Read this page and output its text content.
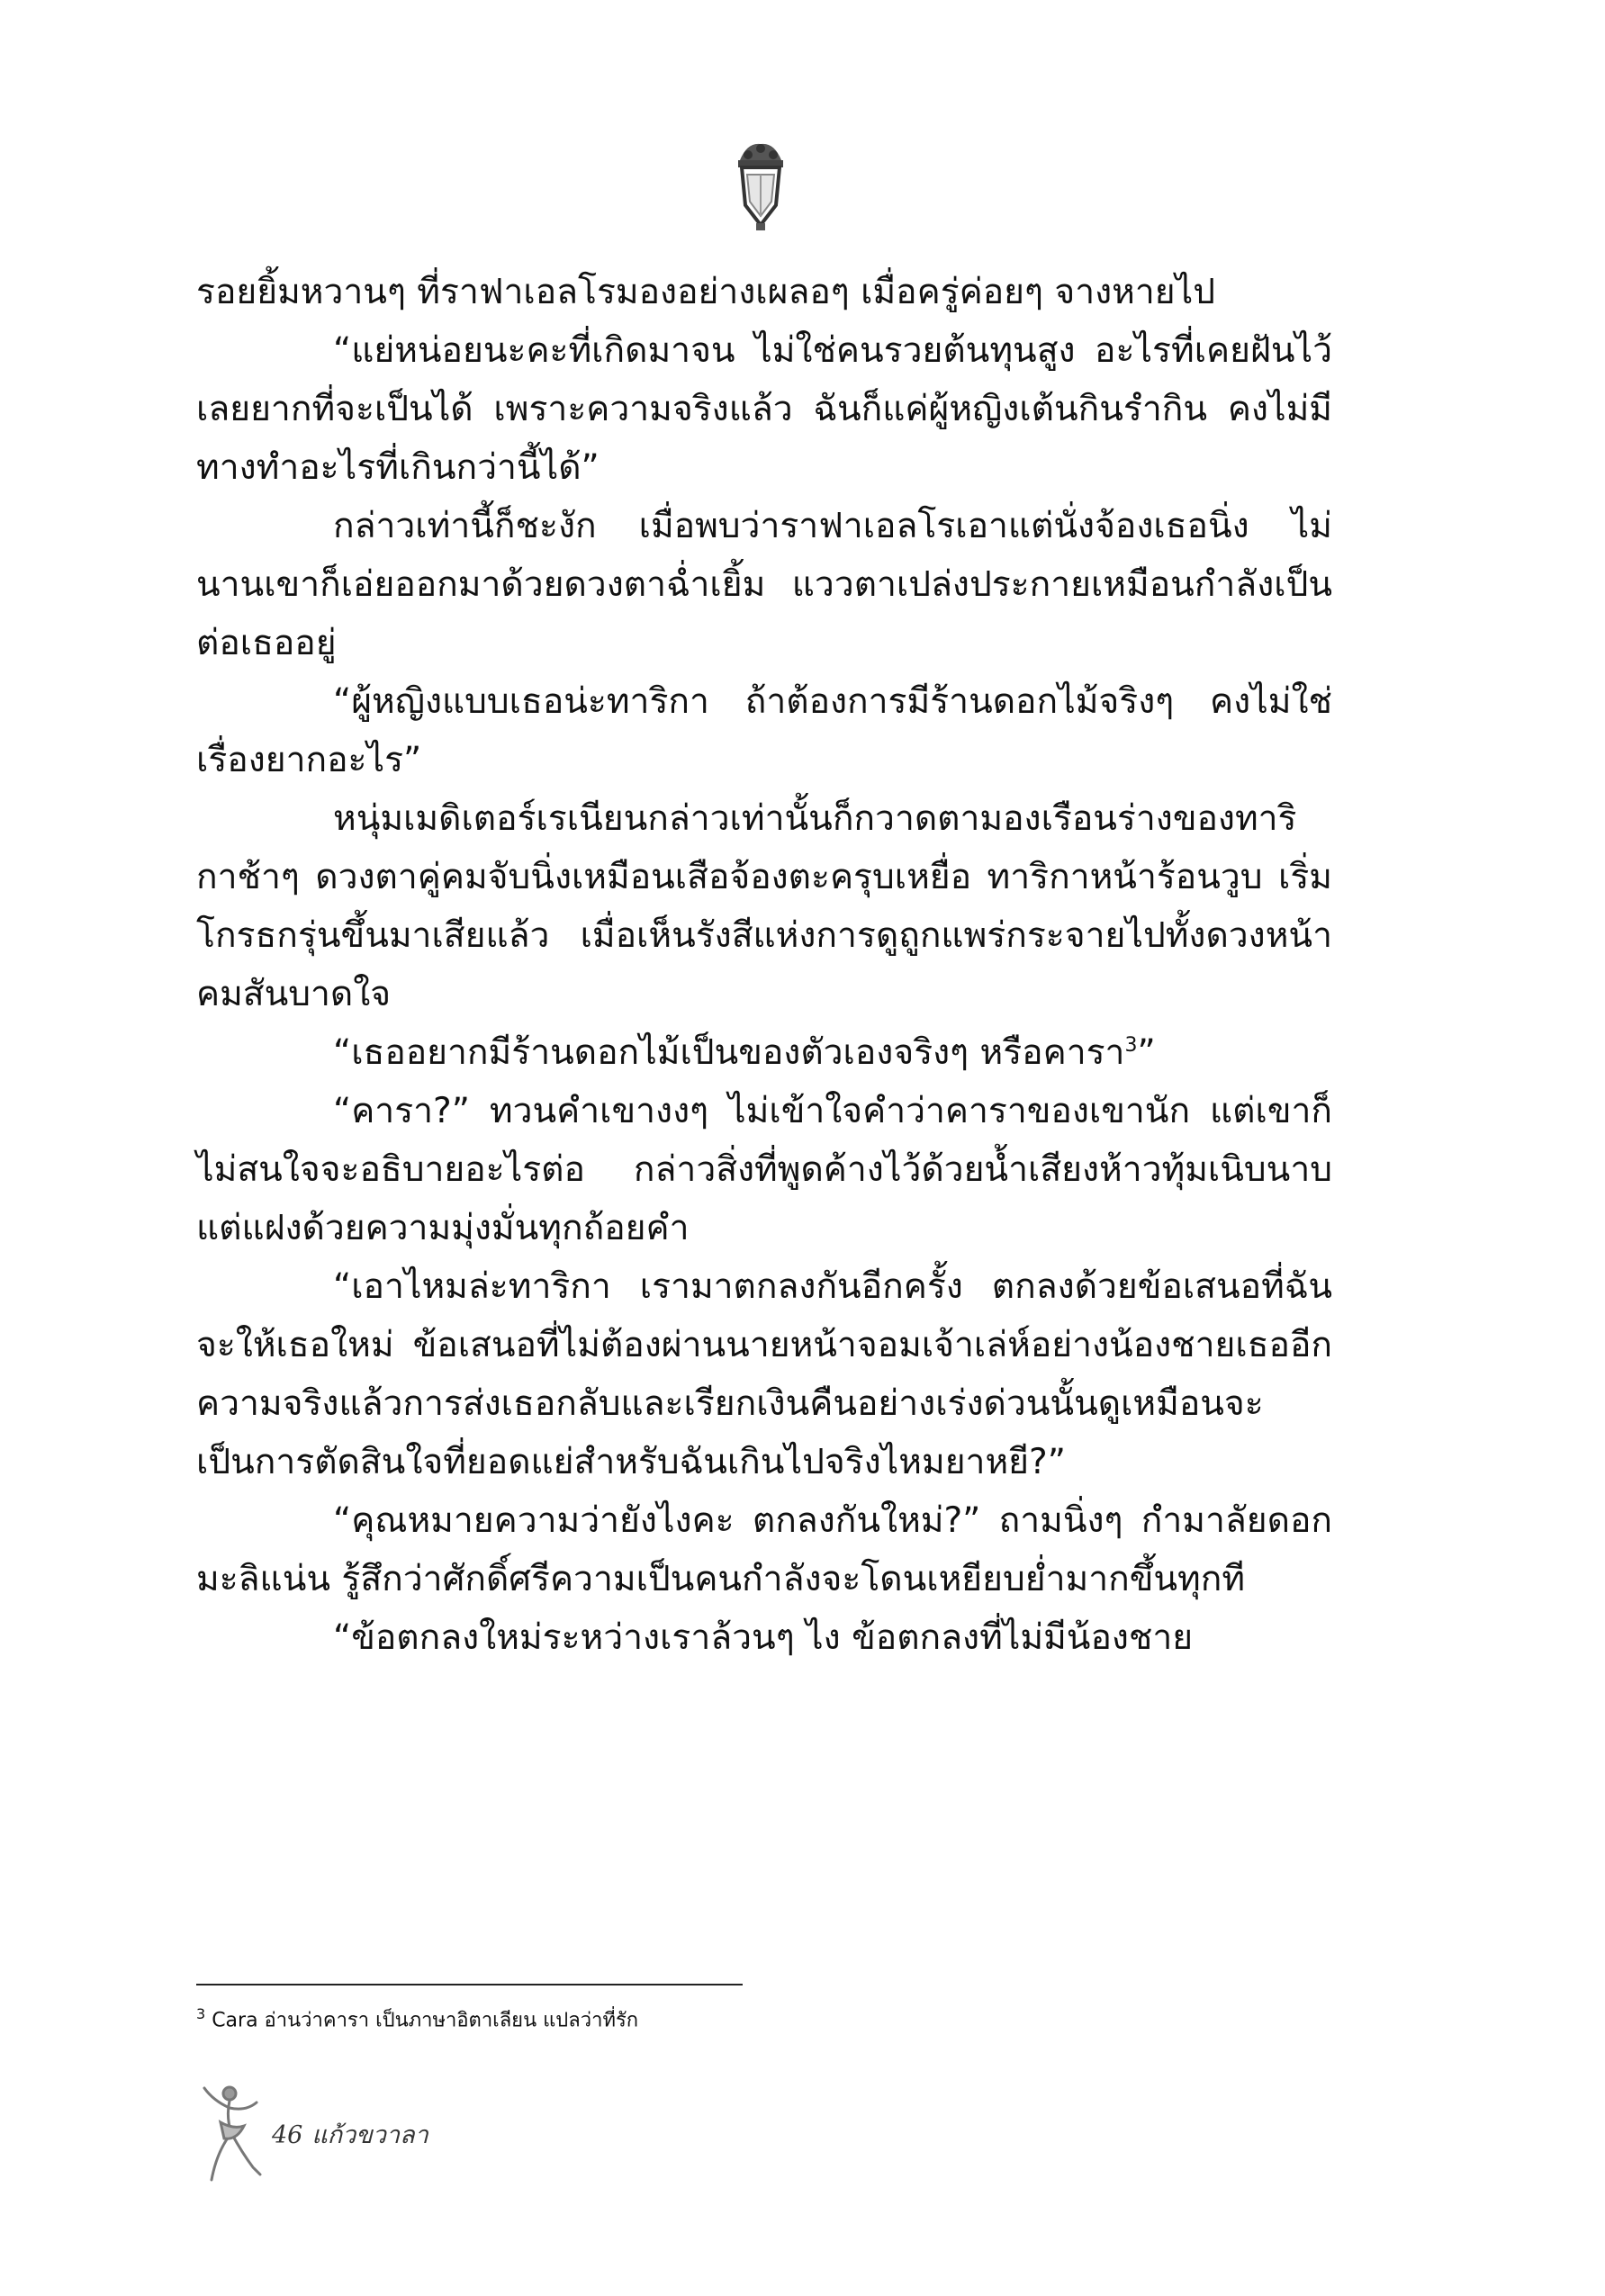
รอยยิ้มหวานๆ ที่ราฟาเอลโรมองอย่างเผลอๆ เมื่อครู่ค่อยๆ จางหายไป

“แย่หน่อยนะคะที่เกิดมาจน ไม่ใช่คนรวยต้นทุนสูง อะไรที่เคยฝันไว้ เลยยากที่จะเป็นได้ เพราะความจริงแล้ว ฉันก็แค่ผู้หญิงเต้นกินรำกิน คงไม่มีทางทำอะไรที่เกินกว่านี้ได้”

กล่าวเท่านี้ก็ชะงัก เมื่อพบว่าราฟาเอลโรเอาแต่นั่งจ้องเธอนิ่ง ไม่นานเขาก็เอ่ยออกมาด้วยดวงตาฉ่ำเยิ้ม แววตาเปล่งประกายเหมือนกำลังเป็นต่อเธออยู่

“ผู้หญิงแบบเธอน่ะทาริกา ถ้าต้องการมีร้านดอกไม้จริงๆ คงไม่ใช่เรื่องยากอะไร”

หนุ่มเมดิเตอร์เรเนียนกล่าวเท่านั้นก็กวาดตามองเรือนร่างของทาริกาช้าๆ ดวงตาคู่คมจับนิ่งเหมือนเสือจ้องตะครุบเหยื่อ ทาริกาหน้าร้อนวูบ เริ่มโกรธกรุ่นขึ้นมาเสียแล้ว เมื่อเห็นรังสีแห่งการดูถูกแพร่กระจายไปทั้งดวงหน้าคมสันบาดใจ

“เธออยากมีร้านดอกไม้เป็นของตัวเองจริงๆ หรือคารา$^3$”

“คารา?” ทวนคำเขางงๆ ไม่เข้าใจคำว่าคาราของเขานัก แต่เขาก็ไม่สนใจจะอธิบายอะไรต่อ กล่าวสิ่งที่พูดค้างไว้ด้วยน้ำเสียงห้าวทุ้มเนิบนาบแต่แฝงด้วยความมุ่งมั่นทุกถ้อยคำ

“เอาไหมล่ะทาริกา เรามาตกลงกันอีกครั้ง ตกลงด้วยข้อเสนอที่ฉันจะให้เธอใหม่ ข้อเสนอที่ไม่ต้องผ่านนายหน้าจอมเจ้าเล่ห์อย่างน้องชายเธออีก ความจริงแล้วการส่งเธอกลับและเรียกเงินคืนอย่างเร่งด่วนนั้นดูเหมือนจะเป็นการตัดสินใจที่ยอดแย่สำหรับฉันเกินไปจริงไหมยาหยี?”

“คุณหมายความว่ายังไงคะ ตกลงกันใหม่?” ถามนิ่งๆ กำมาลัยดอกมะลิแน่น รู้สึกว่าศักดิ์ศรีความเป็นคนกำลังจะโดนเหยียบย่ำมากขึ้นทุกที

“ข้อตกลงใหม่ระหว่างเราล้วนๆ ไง ข้อตกลงที่ไม่มีน้องชาย

$^3$ Cara อ่านว่าคารา เป็นภาษาอิตาเลียน แปลว่าที่รัก
46 แก้วขวาลา
